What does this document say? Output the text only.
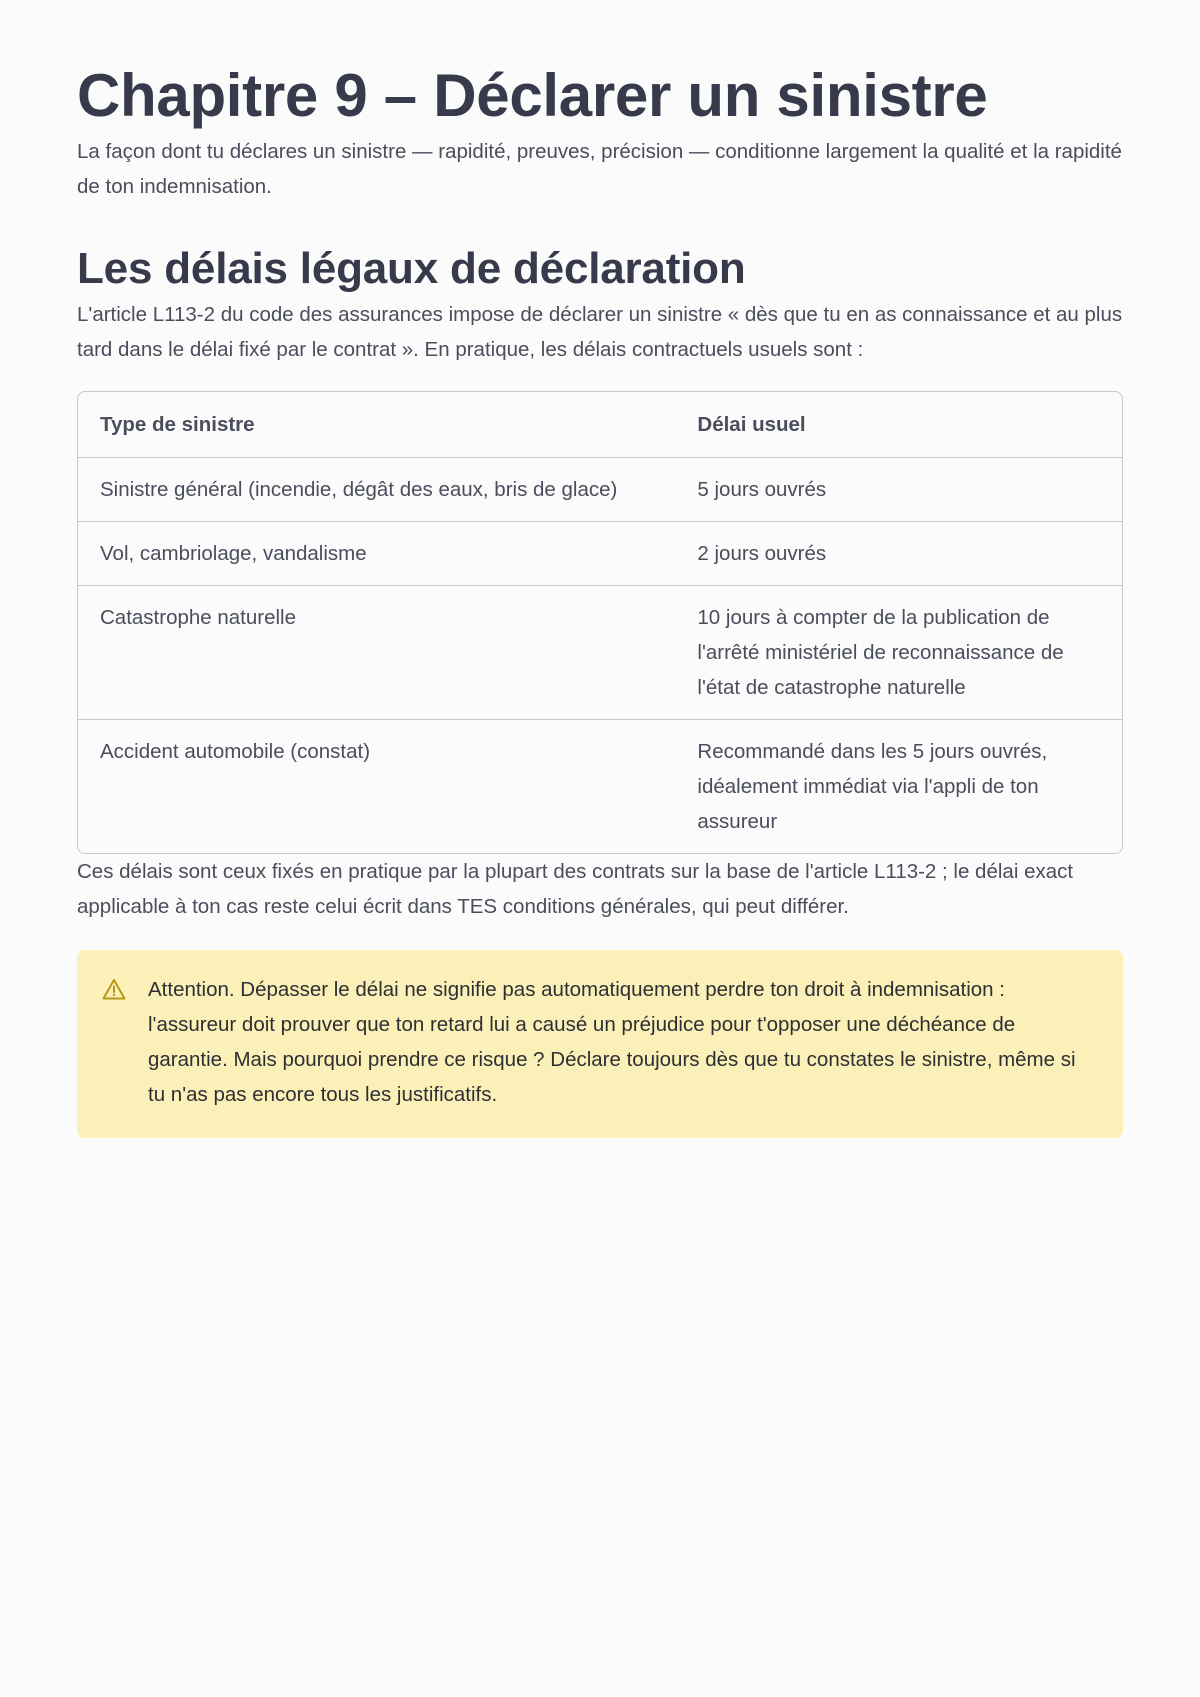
Chapitre 9 – Déclarer un sinistre

La façon dont tu déclares un sinistre — rapidité, preuves, précision — conditionne largement la qualité et la rapidité de ton indemnisation.

Les délais légaux de déclaration

L'article L113-2 du code des assurances impose de déclarer un sinistre « dès que tu en as connaissance et au plus tard dans le délai fixé par le contrat ». En pratique, les délais contractuels usuels sont :

Type de sinistre	Délai usuel
Sinistre général (incendie, dégât des eaux, bris de glace)	5 jours ouvrés
Vol, cambriolage, vandalisme	2 jours ouvrés
Catastrophe naturelle	10 jours à compter de la publication de l'arrêté ministériel de reconnaissance de l'état de catastrophe naturelle
Accident automobile (constat)	Recommandé dans les 5 jours ouvrés, idéalement immédiat via l'appli de ton assureur

Ces délais sont ceux fixés en pratique par la plupart des contrats sur la base de l'article L113-2 ; le délai exact applicable à ton cas reste celui écrit dans TES conditions générales, qui peut différer.

Attention. Dépasser le délai ne signifie pas automatiquement perdre ton droit à indemnisation : l'assureur doit prouver que ton retard lui a causé un préjudice pour t'opposer une déchéance de garantie. Mais pourquoi prendre ce risque ? Déclare toujours dès que tu constates le sinistre, même si tu n'as pas encore tous les justificatifs.
